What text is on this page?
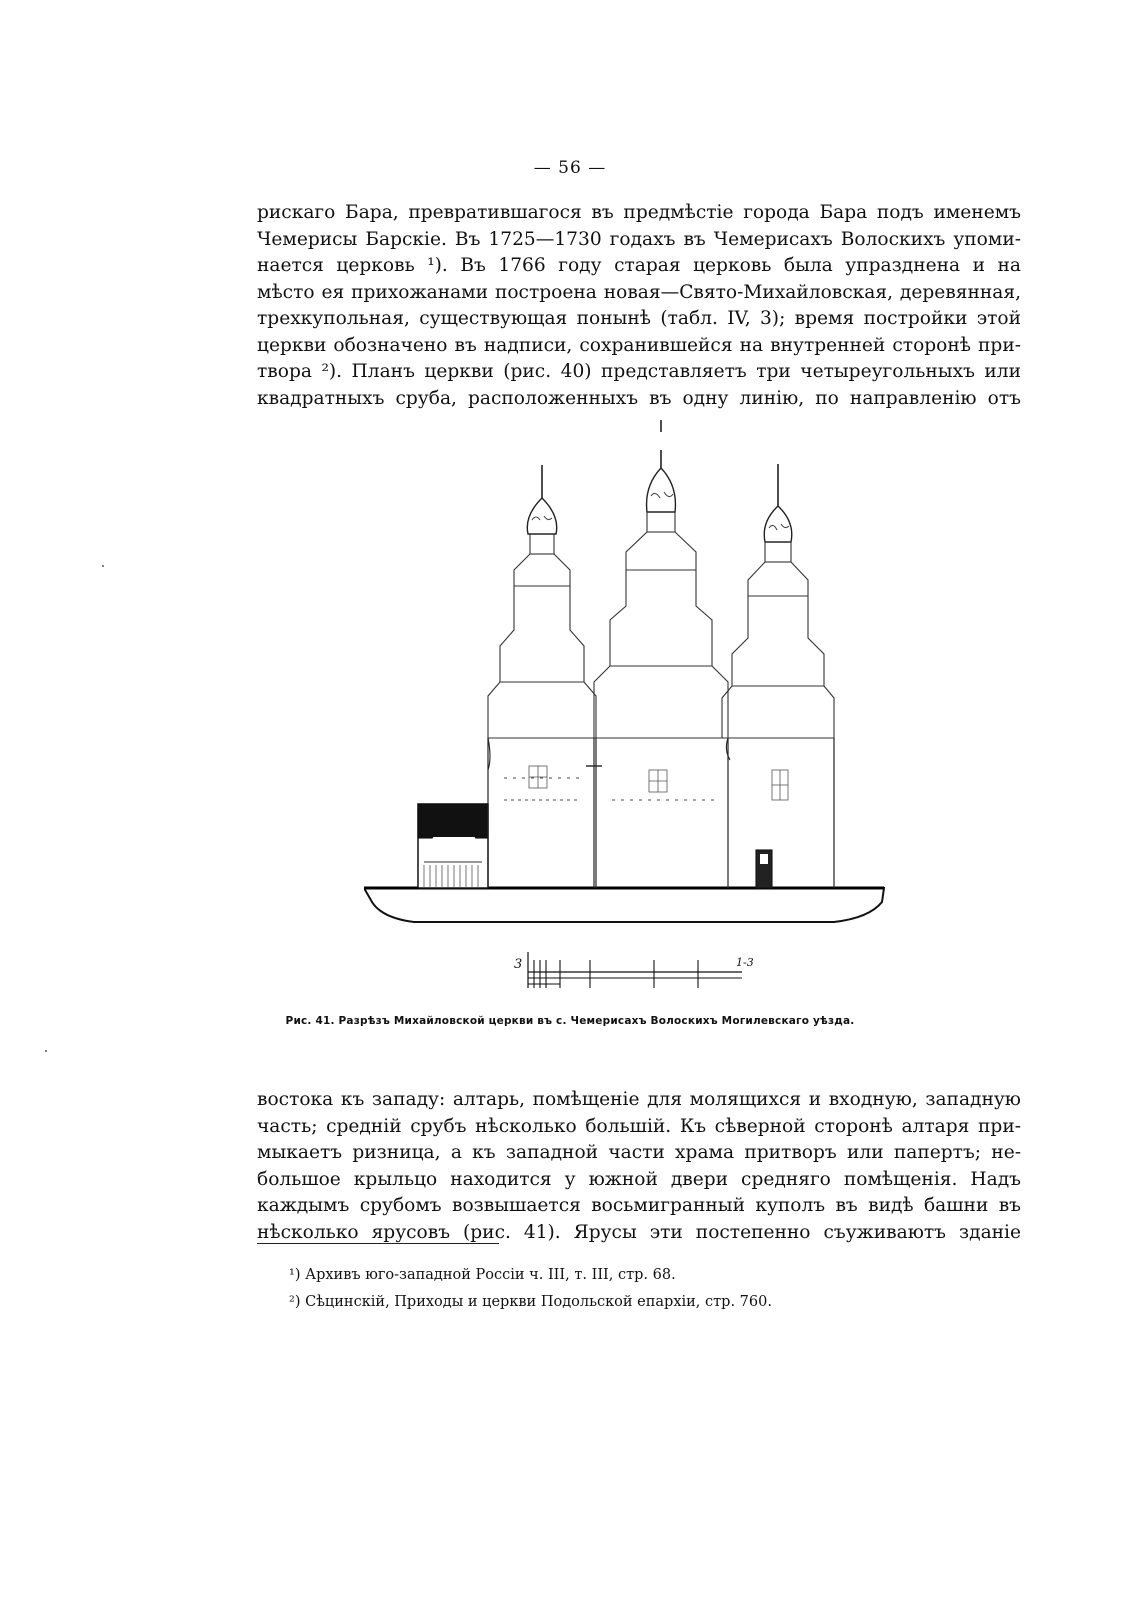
— 56 —
рискаго Бара, превратившагося въ предмѣстіе города Бара подъ именемъ
Чемерисы Барскіе. Въ 1725—1730 годахъ въ Чемерисахъ Волоскихъ упоми-
нается церковь ¹). Въ 1766 году старая церковь была упразднена и на
мѣсто ея прихожанами построена новая—Свято-Михайловская, деревянная,
трехкупольная, существующая понынѣ (табл. IV, 3); время постройки этой
церкви обозначено въ надписи, сохранившейся на внутренней сторонѣ при-
твора ²). Планъ церкви (рис. 40) представляетъ три четыреугольныхъ или
квадратныхъ сруба, расположенныхъ въ одну линію, по направленію отъ
3	1-3
Рис. 41. Разрѣзъ Михайловской церкви въ с. Чемерисахъ Волоскихъ Могилевскаго уѣзда.
востока къ западу: алтарь, помѣщеніе для молящихся и входную, западную
часть; средній срубъ нѣсколько большій. Къ сѣверной сторонѣ алтаря при-
мыкаетъ ризница, а къ западной части храма притворъ или папертъ; не-
большое крыльцо находится у южной двери средняго помѣщенія. Надъ
каждымъ срубомъ возвышается восьмигранный куполъ въ видѣ башни въ
нѣсколько ярусовъ (рис. 41). Ярусы эти постепенно съуживаютъ зданіе
¹) Архивъ юго-западной Россіи ч. III, т. III, стр. 68.
²) Сѣцинскій, Приходы и церкви Подольской епархіи, стр. 760.
